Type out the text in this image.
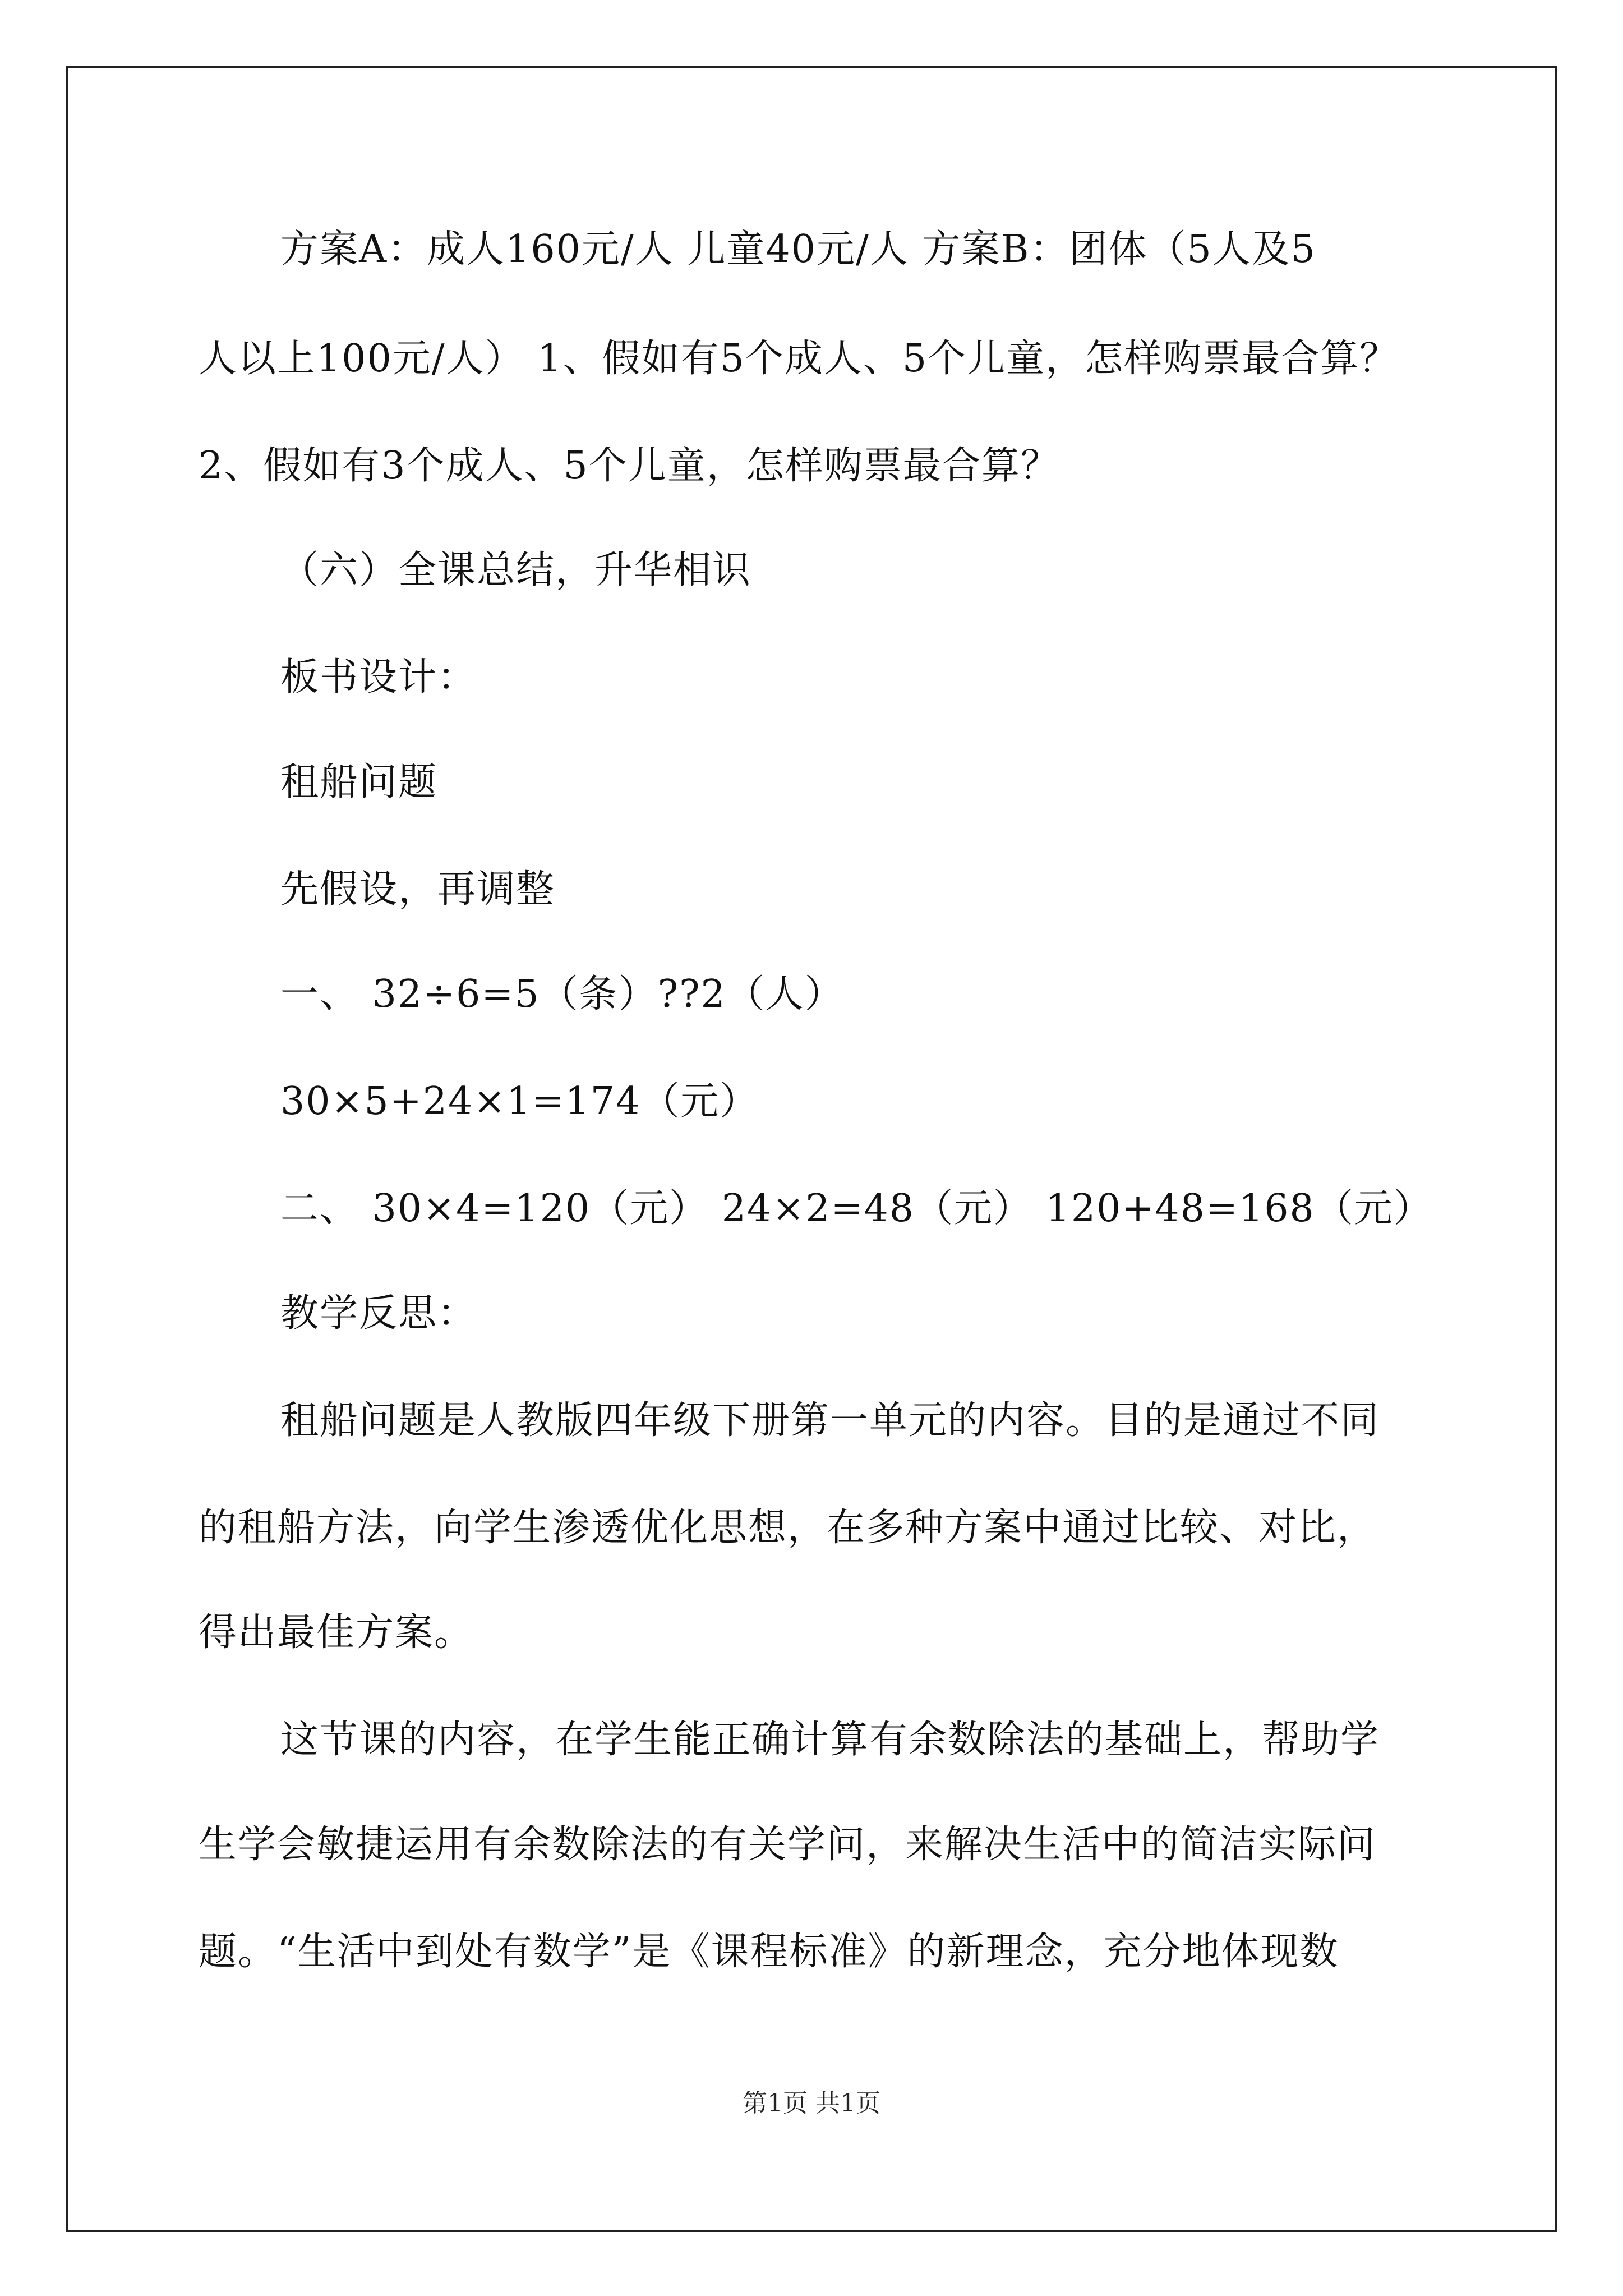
方案A：成人160元/人 儿童40元/人 方案B：团体（5人及5
人以上100元/人） 1、假如有5个成人、5个儿童，怎样购票最合算？
2、假如有3个成人、5个儿童，怎样购票最合算？
（六）全课总结，升华相识
板书设计：
租船问题
先假设，再调整
一、 32÷6=5（条）??2（人）
30×5+24×1=174（元）
二、 30×4=120（元） 24×2=48（元） 120+48=168（元）
教学反思：
租船问题是人教版四年级下册第一单元的内容。目的是通过不同
的租船方法，向学生渗透优化思想，在多种方案中通过比较、对比，
得出最佳方案。
这节课的内容，在学生能正确计算有余数除法的基础上，帮助学
生学会敏捷运用有余数除法的有关学问，来解决生活中的简洁实际问
题。“生活中到处有数学”是《课程标准》的新理念，充分地体现数
第1页 共1页
